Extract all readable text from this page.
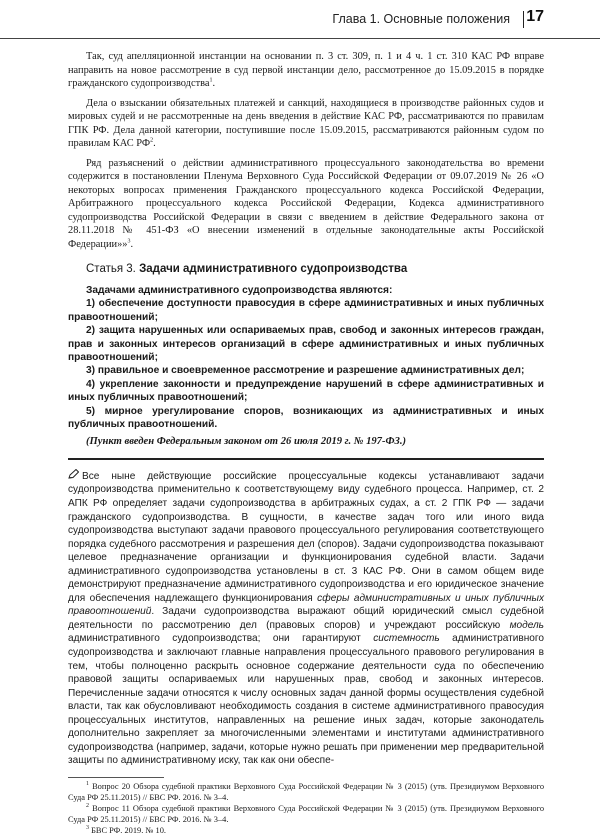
Глава 1. Основные положения 17

Так, суд апелляционной инстанции на основании п. 3 ст. 309, п. 1 и 4 ч. 1 ст. 310 КАС РФ вправе направить на новое рассмотрение в суд первой инстанции дело, рассмотренное до 15.09.2015 в порядке гражданского судопроизводства$^1$.

Дела о взыскании обязательных платежей и санкций, находящиеся в производстве районных судов и мировых судей и не рассмотренные на день введения в действие КАС РФ, рассматриваются по правилам ГПК РФ. Дела данной категории, поступившие после 15.09.2015, рассматриваются районным судом по правилам КАС $РФ^2$.

Ряд разъяснений о действии административного процессуального законодательства во времени содержится в постановлении Пленума Верховного Суда Российской Федерации от 09.07.2019 № 26 «О некоторых вопросах применения Гражданского процессуального кодекса Российской Федерации, Арбитражного процессуального кодекса Российской Федерации, Кодекса административного судопроизводства Российской Федерации в связи с введением в действие Федерального закона от 28.11.2018 № 451-ФЗ «О внесении изменений в отдельные законодательные акты Российской Федерации»»$^3$.

Статья 3. Задачи административного судопроизводства

Задачами административного судопроизводства являются:

1) обеспечение доступности правосудия в сфере административных и иных публичных правоотношений;

2) защита нарушенных или оспариваемых прав, свобод и законных интересов граждан, прав и законных интересов организаций в сфере административных и иных публичных правоотношений;

3) правильное и своевременное рассмотрение и разрешение административных дел;

4) укрепление законности и предупреждение нарушений в сфере административных и иных публичных правоотношений;

5) мирное урегулирование споров, возникающих из административных и иных публичных правоотношений.

(Пункт введен Федеральным законом от 26 июля 2019 г. № 197-ФЗ.)

Все ныне действующие российские процессуальные кодексы устанавливают задачи судопроизводства применительно к соответствующему виду судебного процесса. Например, ст. 2 АПК РФ определяет задачи судопроизводства в арбитражных судах, а ст. 2 ГПК РФ — задачи гражданского судопроизводства. В сущности, в качестве задач того или иного вида судопроизводства выступают задачи правового процессуального регулирования соответствующего порядка судебного рассмотрения и разрешения дел (споров). Задачи судопроизводства показывают целевое предназначение организации и функционирования судебной власти. Задачи административного судопроизводства установлены в ст. 3 КАС РФ. Они в самом общем виде демонстрируют предназначение административного судопроизводства и его юридическое значение для обеспечения надлежащего функционирования сферы административных и иных публичных правоотношений. Задачи судопроизводства выражают общий юридический смысл судебной деятельности по рассмотрению дел (правовых споров) и учреждают российскую модель административного судопроизводства; они гарантируют системность административного судопроизводства и заключают главные направления процессуального правового регулирования в тем, чтобы полноценно раскрыть основное содержание деятельности суда по обеспечению правовой защиты оспариваемых или нарушенных прав, свобод и законных интересов. Перечисленные задачи относятся к числу основных задач данной формы осуществления судебной власти, так как обусловливают необходимость создания в системе административного правосудия процессуальных институтов, направленных на решение иных задач, которые законодатель дополнительно закрепляет за многочисленными элементами и институтами административного судопроизводства (например, задачи, которые нужно решать при применении мер предварительной защиты по административному иску, так как они обеспе-

$^1$ Вопрос 20 Обзора судебной практики Верховного Суда Российской Федерации № 3 (2015) (утв. Президиумом Верховного Суда РФ 25.11.2015) // БВС РФ. 2016. № 3–4.

$^2$ Вопрос 11 Обзора судебной практики Верховного Суда Российской Федерации № 3 (2015) (утв. Президиумом Верховного Суда РФ 25.11.2015) // БВС РФ. 2016. № 3–4.

$^3$ БВС РФ. 2019. № 10.
